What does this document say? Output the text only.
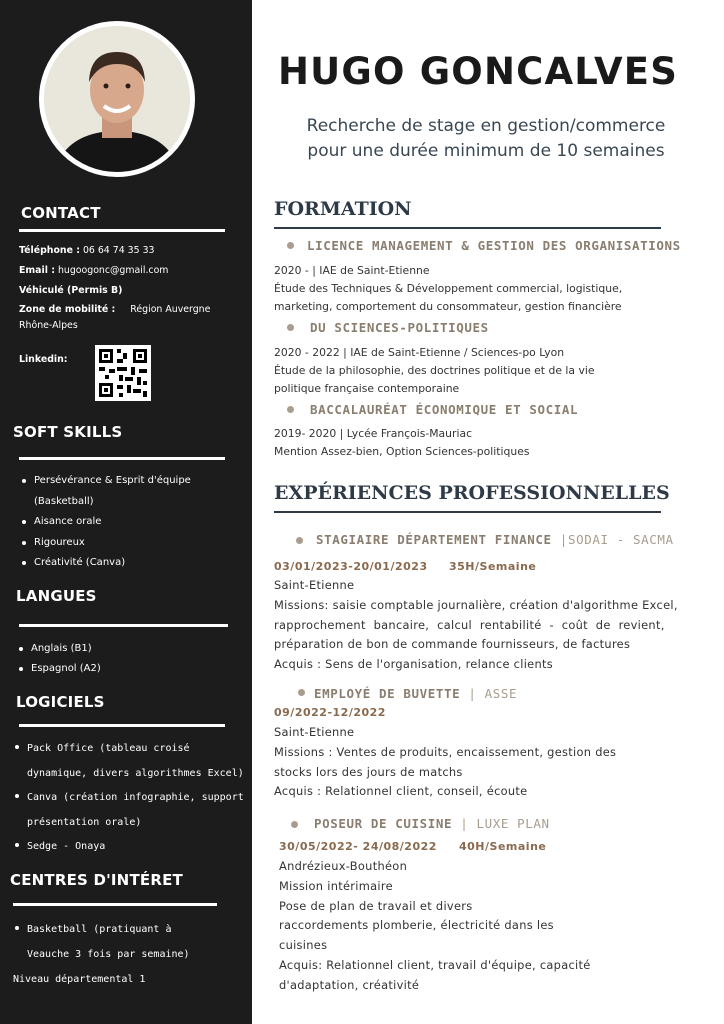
CONTACT
Téléphone : 06 64 74 35 33
Email : hugoogonc@gmail.com
Véhiculé (Permis B)
Zone de mobilité : Région Auvergne
Rhône-Alpes
Linkedin:
SOFT SKILLS
Persévérance & Esprit d'équipe
(Basketball)
Aisance orale
Rigoureux
Créativité (Canva)
LANGUES
Anglais (B1)
Espagnol (A2)
LOGICIELS
Pack Office (tableau croisé
dynamique, divers algorithmes Excel)
Canva (création infographie, support
présentation orale)
Sedge - Onaya
CENTRES D'INTÉRET
Basketball (pratiquant à
Veauche 3 fois par semaine)
Niveau départemental 1
HUGO GONCALVES
Recherche de stage en gestion/commerce
pour une durée minimum de 10 semaines
FORMATION
LICENCE MANAGEMENT & GESTION DES ORGANISATIONS
2020 - | IAE de Saint-Etienne
Étude des Techniques & Développement commercial, logistique,
marketing, comportement du consommateur, gestion financière
DU SCIENCES-POLITIQUES
2020 - 2022 | IAE de Saint-Etienne / Sciences-po Lyon
Étude de la philosophie, des doctrines politique et de la vie
politique française contemporaine
BACCALAURÉAT ÉCONOMIQUE ET SOCIAL
2019- 2020 | Lycée François-Mauriac
Mention Assez-bien, Option Sciences-politiques
EXPÉRIENCES PROFESSIONNELLES
STAGIAIRE DÉPARTEMENT FINANCE |SODAI - SACMA
03/01/2023-20/01/2023 35H/Semaine
Saint-Etienne
Missions: saisie comptable journalière, création d'algorithme Excel,
rapprochement bancaire, calcul rentabilité - coût de revient,
préparation de bon de commande fournisseurs, de factures
Acquis : Sens de l'organisation, relance clients
EMPLOYÉ DE BUVETTE | ASSE
09/2022-12/2022
Saint-Etienne
Missions : Ventes de produits, encaissement, gestion des
stocks lors des jours de matchs
Acquis : Relationnel client, conseil, écoute
POSEUR DE CUISINE | LUXE PLAN
30/05/2022- 24/08/2022 40H/Semaine
Andrézieux-Bouthéon
Mission intérimaire
Pose de plan de travail et divers
raccordements plomberie, électricité dans les
cuisines
Acquis: Relationnel client, travail d'équipe, capacité
d'adaptation, créativité
